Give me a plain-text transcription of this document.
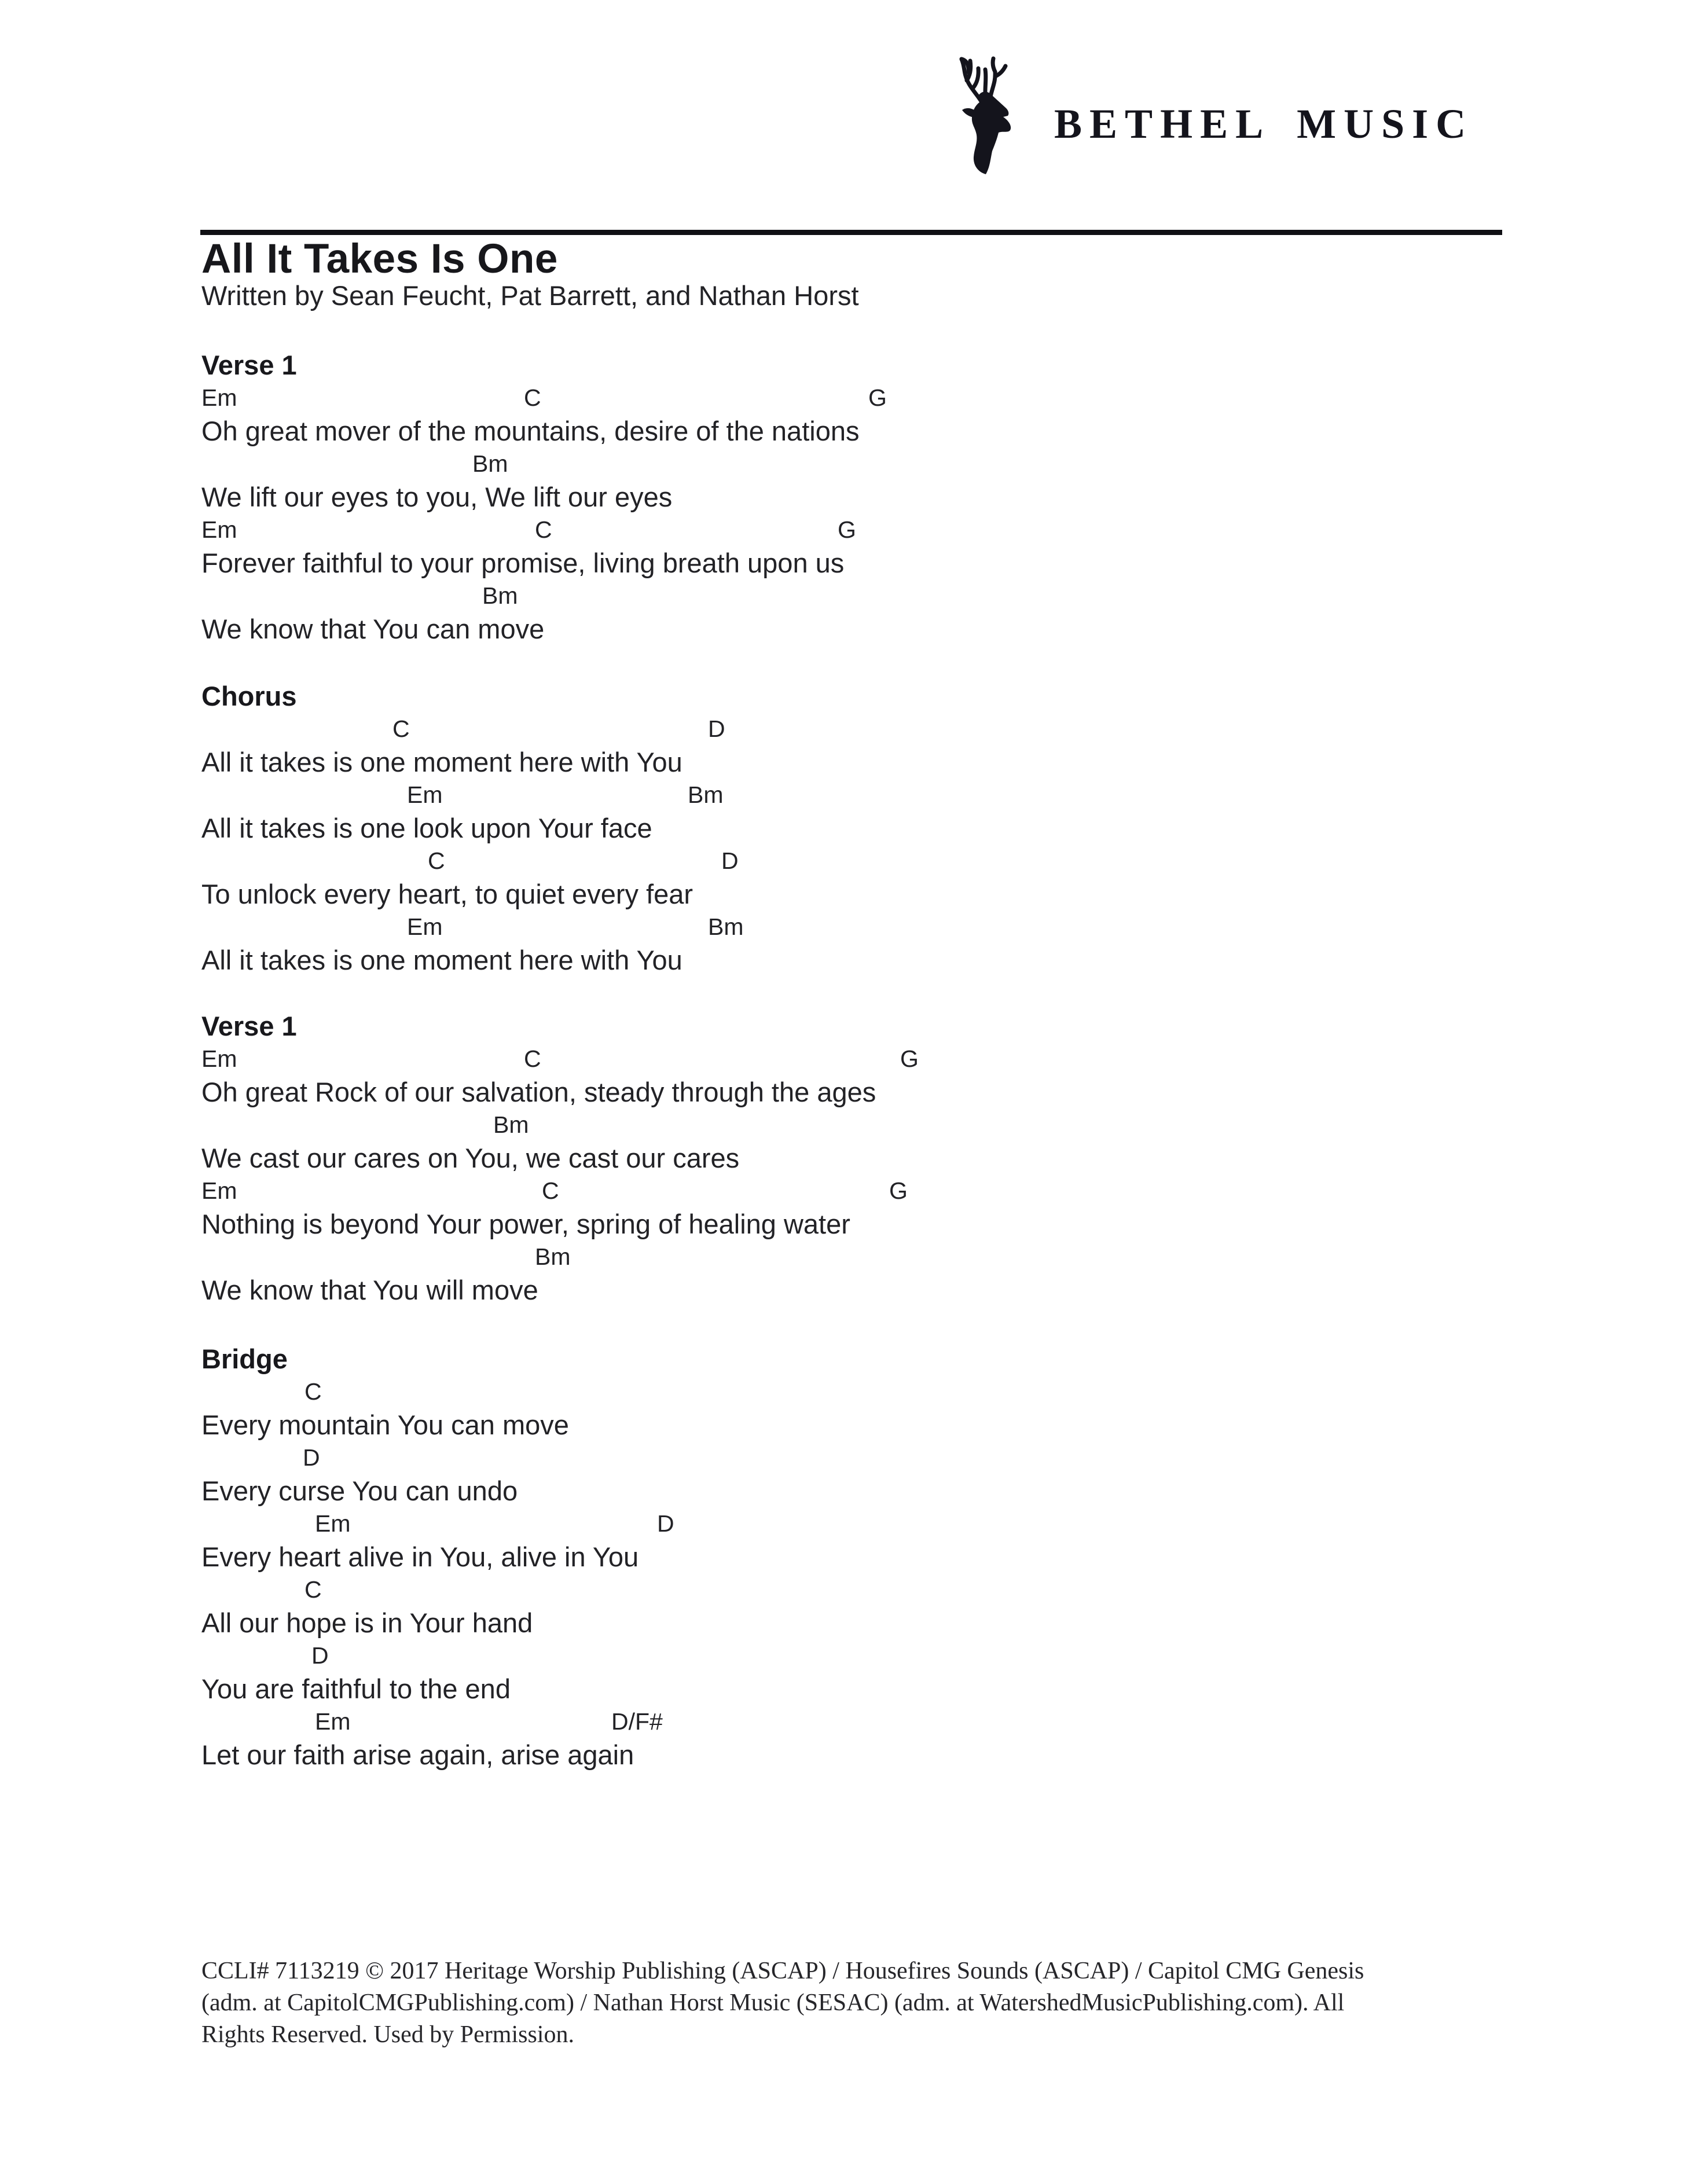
BETHEL MUSIC
All It Takes Is One
Written by Sean Feucht, Pat Barrett, and Nathan Horst
Verse 1
Em	C	G
Oh great mover of the mountains, desire of the nations
Bm
We lift our eyes to you, We lift our eyes
Em	C	G
Forever faithful to your promise, living breath upon us
Bm
We know that You can move
Chorus
C	D
All it takes is one moment here with You
Em	Bm
All it takes is one look upon Your face
C	D
To unlock every heart, to quiet every fear
Em	Bm
All it takes is one moment here with You
Verse 1
Em	C	G
Oh great Rock of our salvation, steady through the ages
Bm
We cast our cares on You, we cast our cares
Em	C	G
Nothing is beyond Your power, spring of healing water
Bm
We know that You will move
Bridge
C
Every mountain You can move
D
Every curse You can undo
Em	D
Every heart alive in You, alive in You
C
All our hope is in Your hand
D
You are faithful to the end
Em	D/F#
Let our faith arise again, arise again
CCLI# 7113219 © 2017 Heritage Worship Publishing (ASCAP) / Housefires Sounds (ASCAP) / Capitol CMG Genesis
(adm. at CapitolCMGPublishing.com) / Nathan Horst Music (SESAC) (adm. at WatershedMusicPublishing.com). All
Rights Reserved. Used by Permission.
